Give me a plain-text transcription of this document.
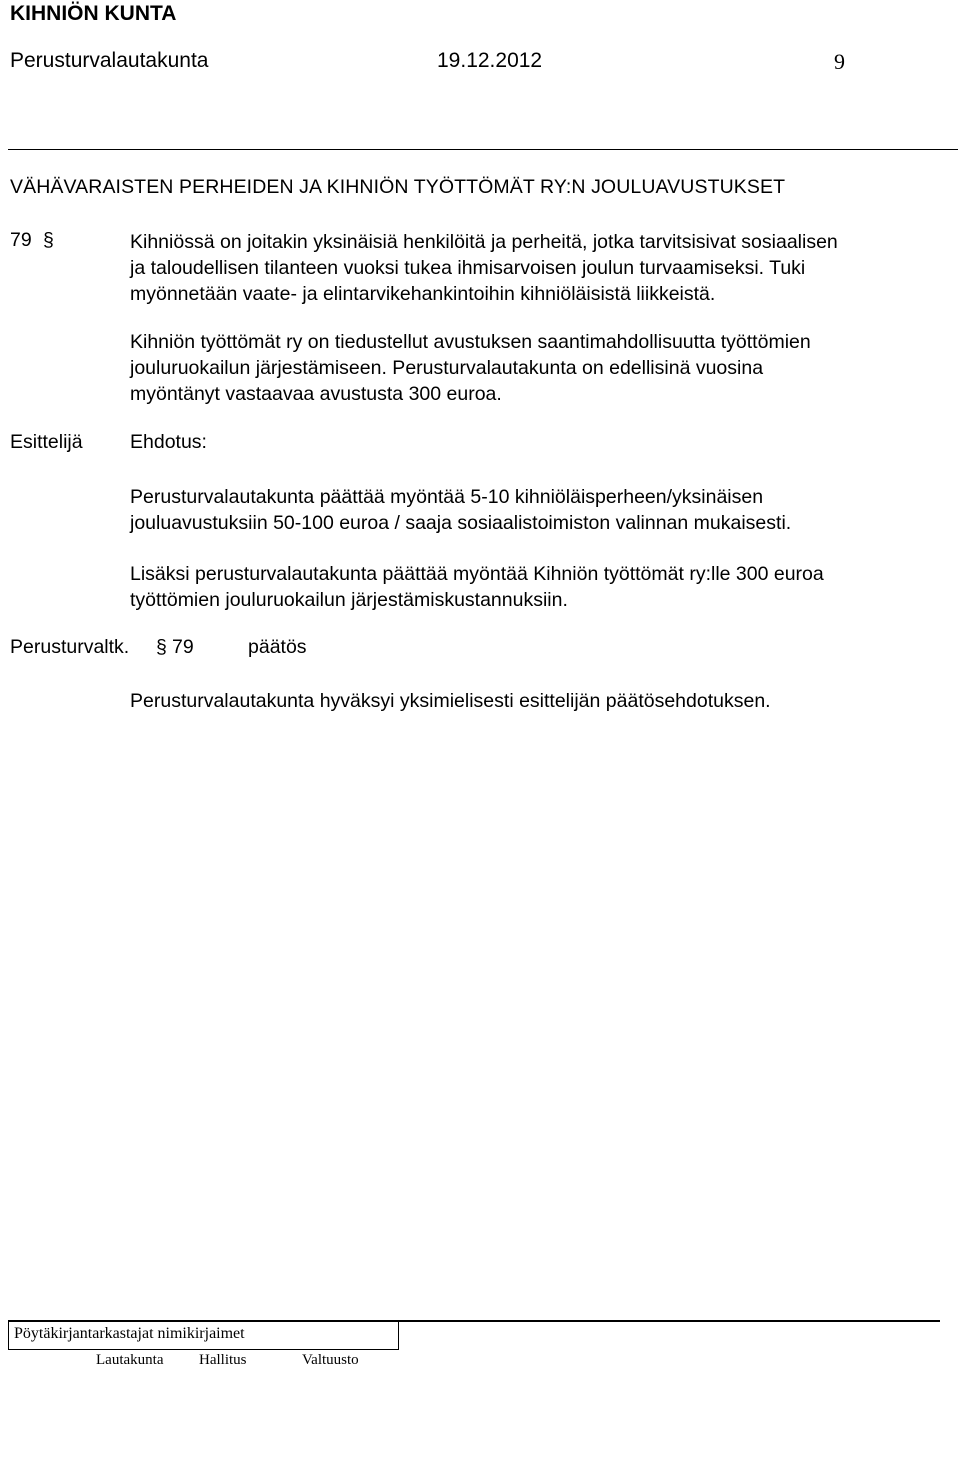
KIHNIÖN KUNTA
Perusturvalautakunta	19.12.2012	9
VÄHÄVARAISTEN PERHEIDEN JA KIHNIÖN TYÖTTÖMÄT RY:N JOULUAVUSTUKSET
79 §	Kihniössä on joitakin yksinäisiä henkilöitä ja perheitä, jotka tarvitsisivat sosiaalisen
ja taloudellisen tilanteen vuoksi tukea ihmisarvoisen joulun turvaamiseksi. Tuki
myönnetään vaate- ja elintarvikehankintoihin kihniöläisistä liikkeistä.
Kihniön työttömät ry on tiedustellut avustuksen saantimahdollisuutta työttömien
jouluruokailun järjestämiseen. Perusturvalautakunta on edellisinä vuosina
myöntänyt vastaavaa avustusta 300 euroa.
Esittelijä Ehdotus:
Perusturvalautakunta päättää myöntää 5-10 kihniöläisperheen/yksinäisen
jouluavustuksiin 50-100 euroa / saaja sosiaalistoimiston valinnan mukaisesti.
Lisäksi perusturvalautakunta päättää myöntää Kihniön työttömät ry:lle 300 euroa
työttömien jouluruokailun järjestämiskustannuksiin.
Perusturvaltk. § 79	päätös
Perusturvalautakunta hyväksyi yksimielisesti esittelijän päätösehdotuksen.
Pöytäkirjantarkastajat nimikirjaimet
Lautakunta Hallitus	Valtuusto
